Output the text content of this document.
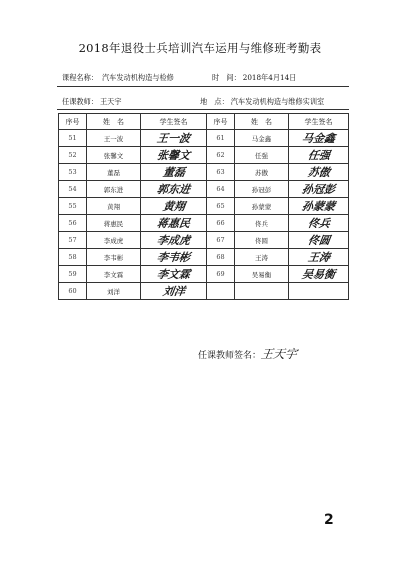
2018年退役士兵培训汽车运用与维修班考勤表
课程名称： 汽车发动机构造与检修	时　间： 2018年4月14日
任课教师： 王天宇	地　点： 汽车发动机构造与维修实训室
序号	姓　名	学生签名	序号	姓　名	学生签名
51	王一波	王一波	61	马金鑫	马金鑫
52	张馨文	张馨文	62	任强	任强
53	董磊	董磊	63	苏傲	苏傲
54	郭东进	郭东进	64	孙冠彭	孙冠彭
55	黄翔	黄翔	65	孙蒙蒙	孙蒙蒙
56	蒋惠民	蒋惠民	66	佟兵	佟兵
57	李成虎	李成虎	67	佟圆	佟圆
58	李韦彬	李韦彬	68	王涛	王涛
59	李文霖	李文霖	69	吴易衡	吴易衡
60	刘洋	刘洋			
任课教师签名：王天宇
2
